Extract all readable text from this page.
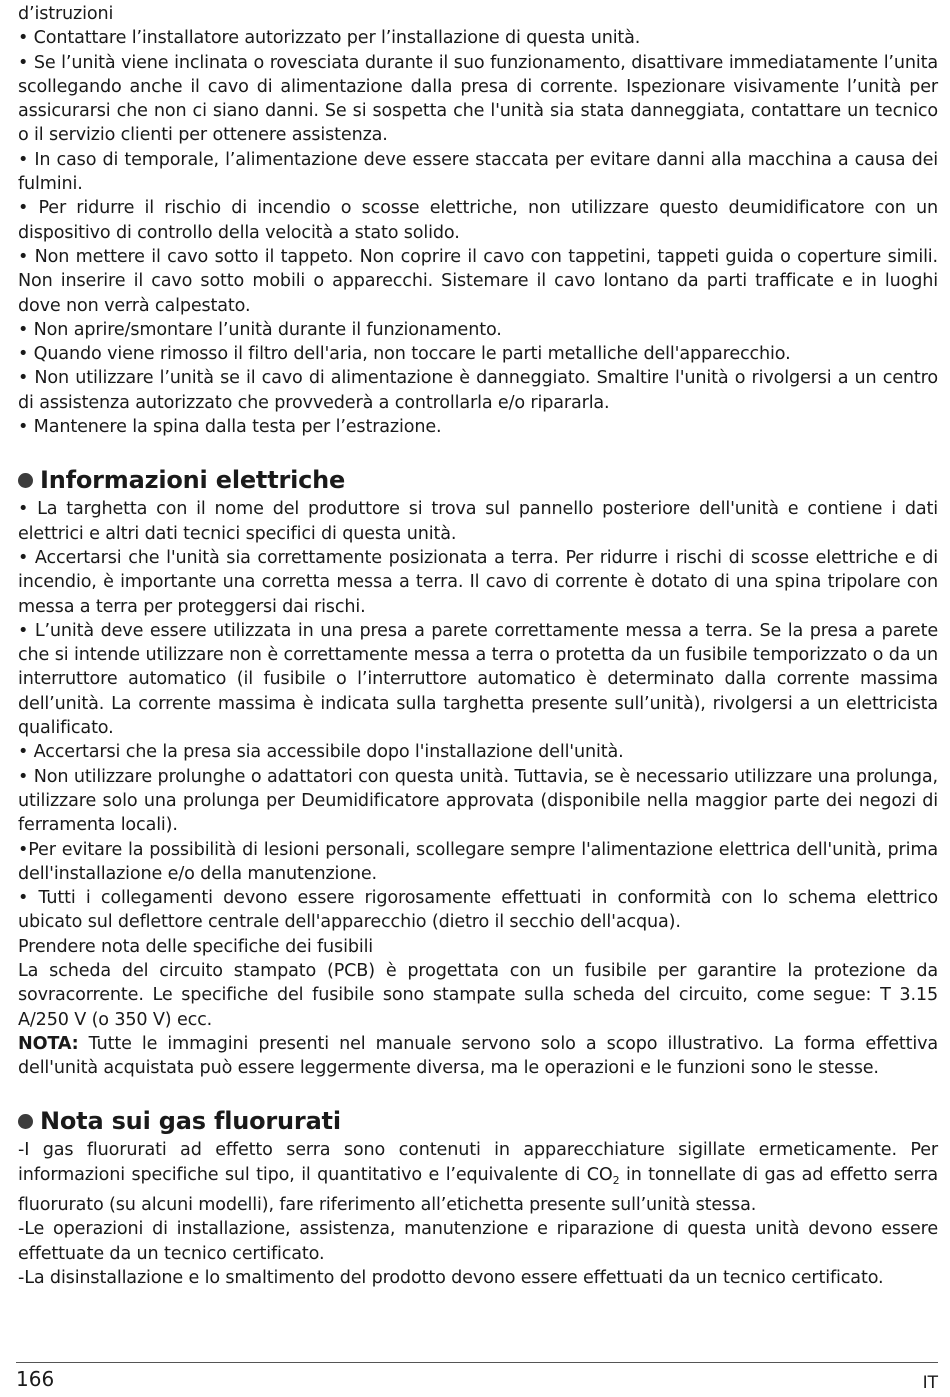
d’istruzioni

• Contattare l’installatore autorizzato per l’installazione di questa unità.

• Se l’unità viene inclinata o rovesciata durante il suo funzionamento, disattivare immediatamente l’unita scollegando anche il cavo di alimentazione dalla presa di corrente. Ispezionare visivamente l’unità per assicurarsi che non ci siano danni. Se si sospetta che l'unità sia stata danneggiata, contattare un tecnico o il servizio clienti per ottenere assistenza.

• In caso di temporale, l’alimentazione deve essere staccata per evitare danni alla macchina a causa dei fulmini.

• Per ridurre il rischio di incendio o scosse elettriche, non utilizzare questo deumidificatore con un dispositivo di controllo della velocità a stato solido.

• Non mettere il cavo sotto il tappeto. Non coprire il cavo con tappetini, tappeti guida o coperture simili. Non inserire il cavo sotto mobili o apparecchi. Sistemare il cavo lontano da parti trafficate e in luoghi dove non verrà calpestato.

• Non aprire/smontare l’unità durante il funzionamento.

• Quando viene rimosso il filtro dell'aria, non toccare le parti metalliche dell'apparecchio.

• Non utilizzare l’unità se il cavo di alimentazione è danneggiato. Smaltire l'unità o rivolgersi a un centro di assistenza autorizzato che provvederà a controllarla e/o ripararla.

• Mantenere la spina dalla testa per l’estrazione.

Informazioni elettriche

• La targhetta con il nome del produttore si trova sul pannello posteriore dell'unità e contiene i dati elettrici e altri dati tecnici specifici di questa unità.

• Accertarsi che l'unità sia correttamente posizionata a terra. Per ridurre i rischi di scosse elettriche e di incendio, è importante una corretta messa a terra. Il cavo di corrente è dotato di una spina tripolare con messa a terra per proteggersi dai rischi.

• L’unità deve essere utilizzata in una presa a parete correttamente messa a terra. Se la presa a parete che si intende utilizzare non è correttamente messa a terra o protetta da un fusibile temporizzato o da un interruttore automatico (il fusibile o l’interruttore automatico è determinato dalla corrente massima dell’unità. La corrente massima è indicata sulla targhetta presente sull’unità), rivolgersi a un elettricista qualificato.

• Accertarsi che la presa sia accessibile dopo l'installazione dell'unità.

• Non utilizzare prolunghe o adattatori con questa unità. Tuttavia, se è necessario utilizzare una prolunga, utilizzare solo una prolunga per Deumidificatore approvata (disponibile nella maggior parte dei negozi di ferramenta locali).

•Per evitare la possibilità di lesioni personali, scollegare sempre l'alimentazione elettrica dell'unità, prima dell'installazione e/o della manutenzione.

• Tutti i collegamenti devono essere rigorosamente effettuati in conformità con lo schema elettrico ubicato sul deflettore centrale dell'apparecchio (dietro il secchio dell'acqua).

Prendere nota delle specifiche dei fusibili

La scheda del circuito stampato (PCB) è progettata con un fusibile per garantire la protezione da sovracorrente. Le specifiche del fusibile sono stampate sulla scheda del circuito, come segue: T 3.15 A/250 V (o 350 V) ecc.

NOTA: Tutte le immagini presenti nel manuale servono solo a scopo illustrativo. La forma effettiva dell'unità acquistata può essere leggermente diversa, ma le operazioni e le funzioni sono le stesse.

Nota sui gas fluorurati

-I gas fluorurati ad effetto serra sono contenuti in apparecchiature sigillate ermeticamente. Per informazioni specifiche sul tipo, il quantitativo e l’equivalente di $CO_2$ in tonnellate di gas ad effetto serra fluorurato (su alcuni modelli), fare riferimento all’etichetta presente sull’unità stessa.

-Le operazioni di installazione, assistenza, manutenzione e riparazione di questa unità devono essere effettuate da un tecnico certificato.

-La disinstallazione e lo smaltimento del prodotto devono essere effettuati da un tecnico certificato.

166	IT
